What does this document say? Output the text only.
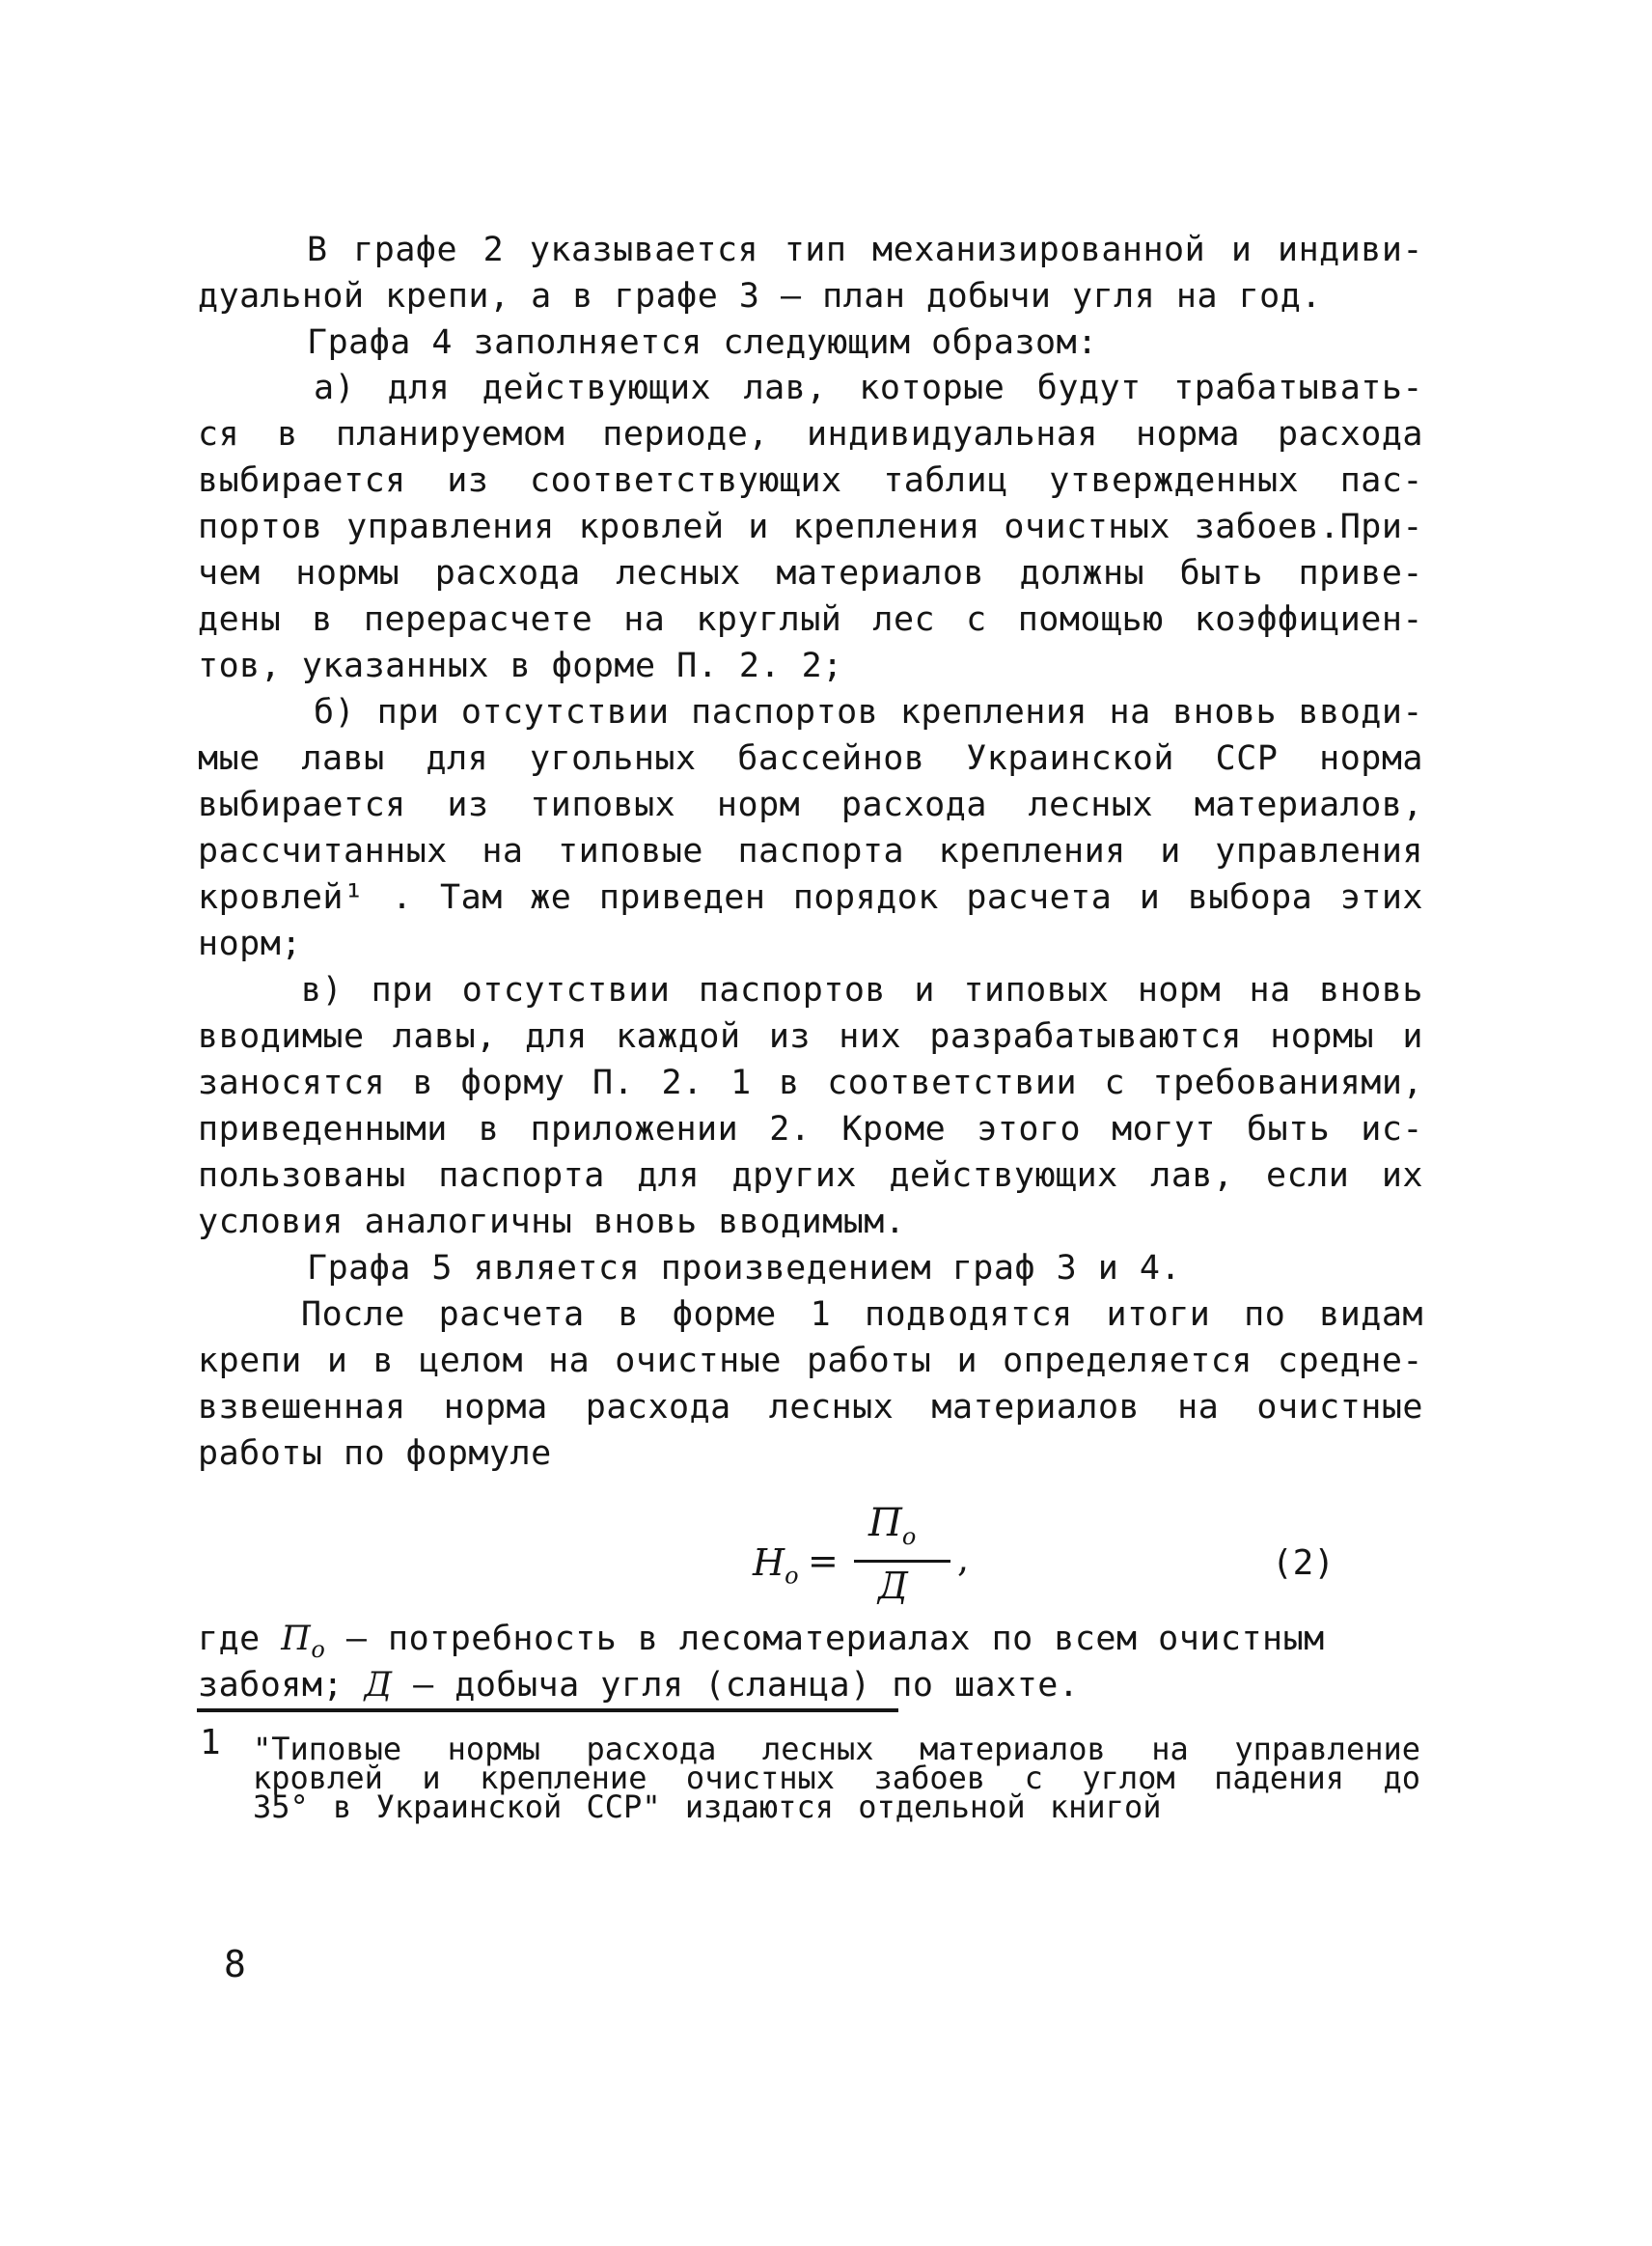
В графе 2 указывается тип механизированной и индиви-
дуальной крепи, а в графе 3 – план добычи угля на год.
Графа 4 заполняется следующим образом:
а) для действующих лав, которые будут трабатывать-
ся в планируемом периоде, индивидуальная норма расхода
выбирается из соответствующих таблиц утвержденных пас-
портов управления кровлей и крепления очистных забоев.При-
чем нормы расхода лесных материалов должны быть приве-
дены в перерасчете на круглый лес с помощью коэффициен-
тов, указанных в форме П. 2. 2;
б) при отсутствии паспортов крепления на вновь вводи-
мые лавы для угольных бассейнов Украинской ССР норма
выбирается из типовых норм расхода лесных материалов,
рассчитанных на типовые паспорта крепления и управления
кровлей¹ . Там же приведен порядок расчета и выбора этих
норм;
в) при отсутствии паспортов и типовых норм на вновь
вводимые лавы, для каждой из них разрабатываются нормы и
заносятся в форму П. 2. 1 в соответствии с требованиями,
приведенными в приложении 2. Кроме этого могут быть ис-
пользованы паспорта для других действующих лав, если их
условия аналогичны вновь вводимым.
Графа 5 является произведением граф 3 и 4.
После расчета в форме 1 подводятся итоги по видам
крепи и в целом на очистные работы и определяется средне-
взвешенная норма расхода лесных материалов на очистные
работы по формуле
$Н_о$ =
$П_о$
Д
,	(2)
где $П_о$ – потребность в лесоматериалах по всем очистным
забоям; Д – добыча угля (сланца) по шахте.
1 "Типовые нормы расхода лесных материалов на управление
кровлей и крепление очистных забоев с углом падения до
35° в Украинской ССР" издаются отдельной книгой
8
